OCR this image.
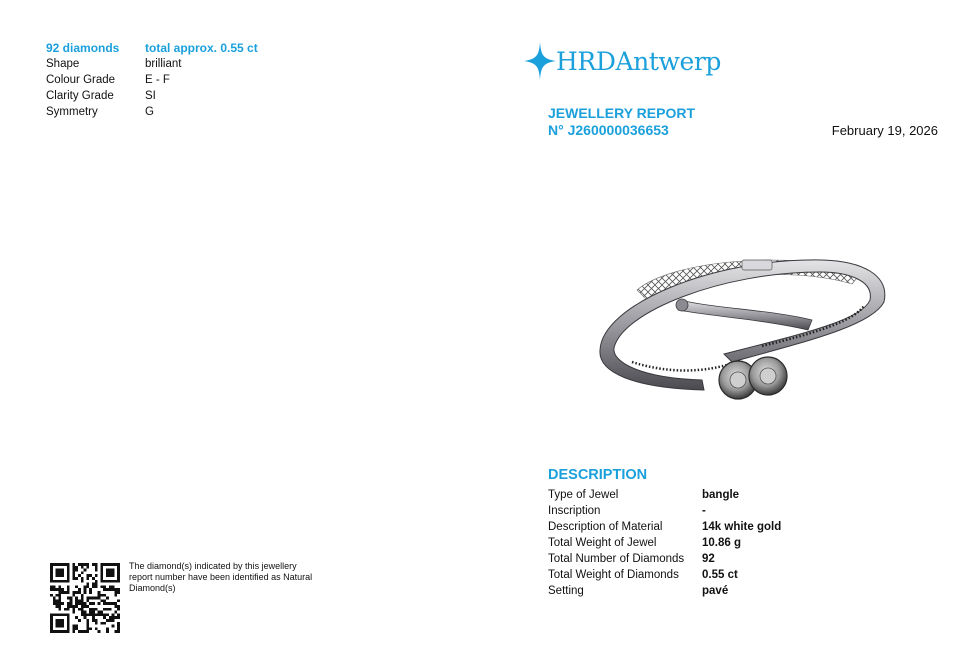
92 diamonds	total approx. 0.55 ct
Shape	brilliant
Colour Grade	E - F
Clarity Grade	SI
Symmetry	G
HRDAntwerp
JEWELLERY REPORT
N° J260000036653	February 19, 2026
DESCRIPTION
Type of Jewel	bangle
Inscription	-
Description of Material	14k white gold
Total Weight of Jewel	10.86 g
Total Number of Diamonds	92
Total Weight of Diamonds	0.55 ct
Setting	pavé
The diamond(s) indicated by this jewellery report number have been identified as Natural Diamond(s)
